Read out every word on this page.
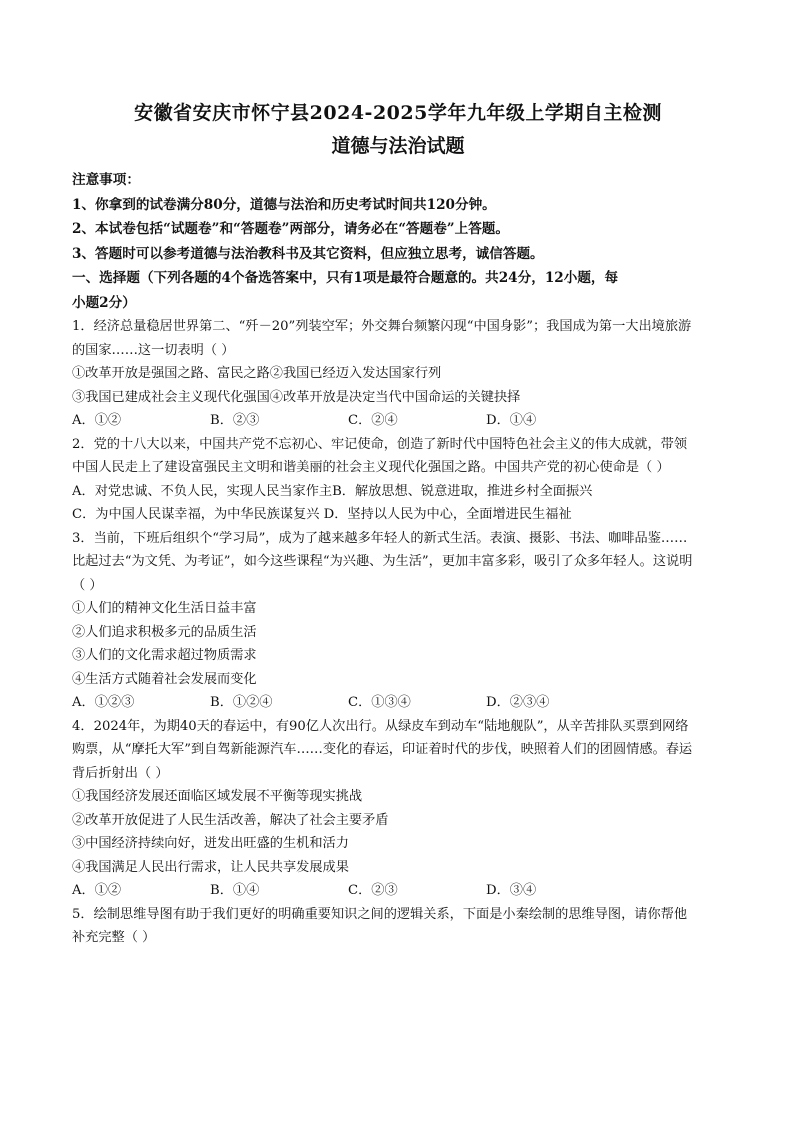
安徽省安庆市怀宁县2024-2025学年九年级上学期自主检测
道德与法治试题
注意事项：
1、你拿到的试卷满分80分，道德与法治和历史考试时间共120分钟。
2、本试卷包括“试题卷”和“答题卷”两部分，请务必在“答题卷”上答题。
3、答题时可以参考道德与法治教科书及其它资料，但应独立思考，诚信答题。
一、选择题（下列各题的4个备选答案中，只有1项是最符合题意的。共24分，12小题，每
小题2分）
1．经济总量稳居世界第二、“歼－20”列装空军；外交舞台频繁闪现“中国身影”；我国成为第一大出境旅游
的国家……这一切表明（ ）
①改革开放是强国之路、富民之路②我国已经迈入发达国家行列
③我国已建成社会主义现代化强国④改革开放是决定当代中国命运的关键抉择
A．①②	B．②③	C．②④	D．①④
2．党的十八大以来，中国共产党不忘初心、牢记使命，创造了新时代中国特色社会主义的伟大成就，带领
中国人民走上了建设富强民主文明和谐美丽的社会主义现代化强国之路。中国共产党的初心使命是（ ）
A．对党忠诚、不负人民，实现人民当家作主B．解放思想、锐意进取，推进乡村全面振兴
C．为中国人民谋幸福，为中华民族谋复兴 D．坚持以人民为中心，全面增进民生福祉
3．当前，下班后组织个“学习局”，成为了越来越多年轻人的新式生活。表演、摄影、书法、咖啡品鉴……
比起过去“为文凭、为考证”，如今这些课程“为兴趣、为生活”，更加丰富多彩，吸引了众多年轻人。这说明
（ ）
①人们的精神文化生活日益丰富
②人们追求积极多元的品质生活
③人们的文化需求超过物质需求
④生活方式随着社会发展而变化
A．①②③	B．①②④	C．①③④	D．②③④
4．2024年，为期40天的春运中，有90亿人次出行。从绿皮车到动车“陆地舰队”，从辛苦排队买票到网络
购票，从“摩托大军”到自驾新能源汽车……变化的春运，印证着时代的步伐，映照着人们的团圆情感。春运
背后折射出（ ）
①我国经济发展还面临区域发展不平衡等现实挑战
②改革开放促进了人民生活改善，解决了社会主要矛盾
③中国经济持续向好，迸发出旺盛的生机和活力
④我国满足人民出行需求，让人民共享发展成果
A．①②	B．①④	C．②③	D．③④
5．绘制思维导图有助于我们更好的明确重要知识之间的逻辑关系，下面是小秦绘制的思维导图，请你帮他
补充完整（ ）
